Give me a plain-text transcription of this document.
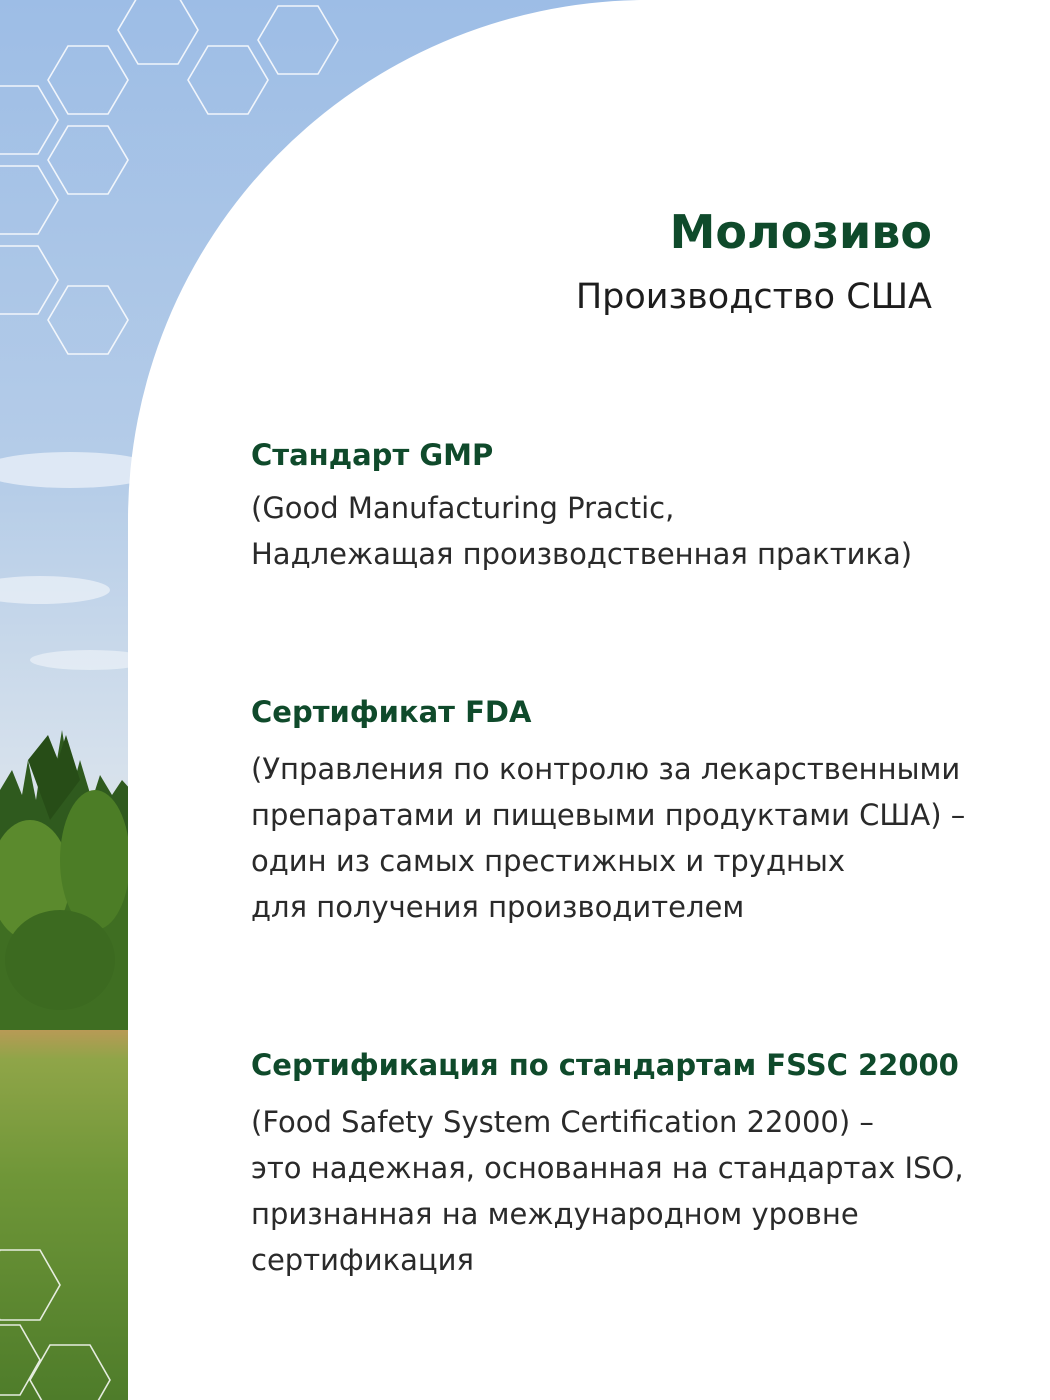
Молозиво
Производство США
Стандарт GMP
(Good Manufacturing Practic,
Надлежащая производственная практика)
Сертификат FDA
(Управления по контролю за лекарственными
препаратами и пищевыми продуктами США) –
один из самых престижных и трудных
для получения производителем
Сертификация по стандартам FSSC 22000
(Food Safety System Certification 22000) –
это надежная, основанная на стандартах ISO,
признанная на международном уровне
сертификация
